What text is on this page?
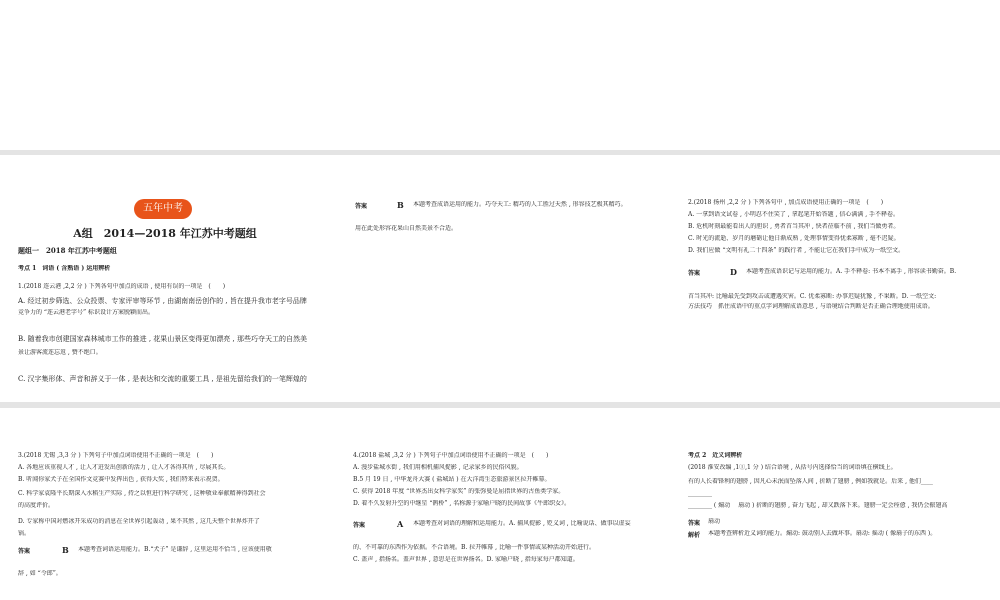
五年中考
A组　2014—2018 年江苏中考题组
题组一　2018 年江苏中考题组
考点 1　词语 ( 含熟语 ) 运用辨析
1.(2018 连云港 ,2,2 分 ) 下列各句中加点的成语 , 使用有误的一项是　(　　)
A. 经过初步筛选、公众投票、专家评审等环节 , 由湖南南岳创作的 , 旨在提升我市老字号品牌
竞争力的 “连云港老字号” 标识设计方案脱颖而出。
B. 随着我市创建国家森林城市工作的推进 , 花果山景区变得更加漂亮 , 那些巧夺天工的自然美
景让游客流连忘返 , 赞不绝口。
C. 汉字集形体、声音和辞义于一体 , 是表达和交流的重要工具 , 是祖先留给我们的一笔辉煌的
答案	B 本题考查成语运用的能力。巧夺天工: 精巧的人工胜过天然 , 形容技艺极其精巧。
用在此处形容花果山自然美景不合适。
2.(2018 扬州 ,2,2 分 ) 下列各句中 , 加点成语使用正确的一项是　(　　)
A. 一拿到语文试卷 , 小明忍不住笑了 , 拿起笔开始答题 , 信心满满 , 手不释卷。
B. 危机时刻最能看出人的胆识 , 勇者首当其冲 , 快者莅临不前 , 我们当做勇者。
C. 时光的流逝、岁月的磨砺让他日渐成熟 , 处理事情变得忧柔寡断 , 毫不迟疑。
D. 我们应做 “文明有礼二十四条” 的践行者 , 不能让它在我们手中成为一纸空文。
答案	D 本题考查成语识记与运用的能力。A. 手不释卷: 书本不离手 , 形容读书勤奋。B.
首当其冲: 比喻最先受到攻击或遭遇灾害。C. 优柔寡断: 办事迟疑犹豫 , 不果断。D. 一纸空文:
方法技巧　抓住成语中的重点字词理解成语意思 , 与语境结合判断是否正确合理地使用成语。
3.(2018 无锡 ,3,3 分 ) 下列句子中加点词语使用不正确的一项是　(　　)
A. 各地应该重视人才 , 让人才迸发出创新的活力 , 让人才各得其所 , 尽展其长。
B. 听闻你家犬子在全国作文竞赛中发挥出色 , 获得大奖 , 我们特来表示祝贺。
C. 科学家袁隆平长期深入水稻生产实际 , 持之以恒进行科学研究 , 这种敬业奉献精神得到社会
的高度评价。
D. 专家称中国对燃冰开采成功的消息在全世界引起轰动 , 果不其然 , 这几天整个世界炸开了
锅。
答案	B 本题考查词语运用能力。B.“犬子” 是谦辞 , 这里运用不恰当 , 应该使用敬
辞 , 如 “令郎”。
4.(2018 盐城 ,3,2 分 ) 下列句子中加点词语使用不正确的一项是　(　　)
A. 漫步盐城水街 , 我们用相机捕风捉影 , 记录家乡的民俗风貌。
B.5 月 19 日 , 中华龙舟大赛 ( 盐城站 ) 在大洋湾生态旅游景区拉开帷幕。
C. 获得 2018 年度 “世界杰出女科学家奖” 的张弥曼是屈指世界的古鱼类学家。
D. 着不久发射升空的中继星 “鹊桥” , 名称源于家喻户晓的民间故事《牛郎织女》。
答案	A 本题考查对词语的理解和运用能力。A. 捕风捉影 , 贬义词 , 比喻说话、做事以虚妄
的、不可靠的东西作为依据。不合语境。B. 拉开帷幕 , 比喻一件事情或某种活动开始进行。
C. 盖声 , 指扬名。盖声世界 , 意思是在世界扬名。D. 家喻户晓 , 指每家每户都知道。
考点 2　近义词辨析
(2018 淮安改编 ,1①,1 分 ) 结合语境 , 从括号内选择恰当的词语填在横线上。
有的人长着锋利的翅膀 , 因凡心未泯而坠落人间 , 折断了翅膀 , 例如我就是。后来 , 他们____
________
________ ( 煽动　 扇动 ) 折断的翅膀 , 奋力飞起 , 却又跌落下来。翅膀一定会痊愈 , 我仍会振翅高
答案 扇动
解析 本题考查辨析近义词的能力。煽动: 鼓动别人去做坏事。扇动: 摇动 ( 像扇子的东西 )。
